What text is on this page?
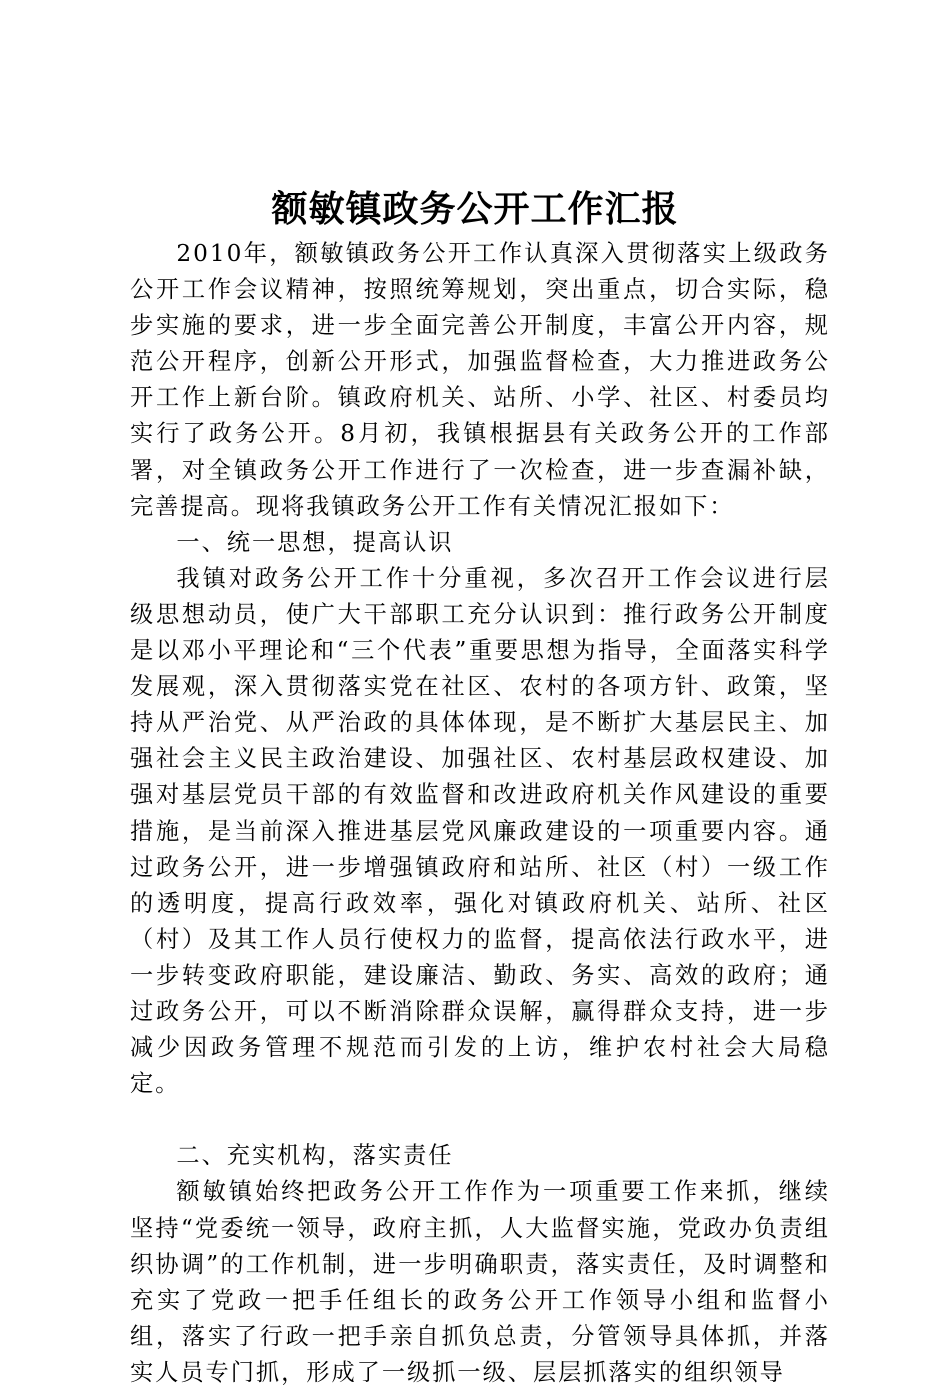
额敏镇政务公开工作汇报

2010年，额敏镇政务公开工作认真深入贯彻落实上级政务公开工作会议精神，按照统筹规划，突出重点，切合实际，稳步实施的要求，进一步全面完善公开制度，丰富公开内容，规范公开程序，创新公开形式，加强监督检查，大力推进政务公开工作上新台阶。镇政府机关、站所、小学、社区、村委员均实行了政务公开。8月初，我镇根据县有关政务公开的工作部署，对全镇政务公开工作进行了一次检查，进一步查漏补缺，完善提高。现将我镇政务公开工作有关情况汇报如下：

一、统一思想，提高认识

我镇对政务公开工作十分重视，多次召开工作会议进行层级思想动员，使广大干部职工充分认识到：推行政务公开制度是以邓小平理论和“三个代表”重要思想为指导，全面落实科学发展观，深入贯彻落实党在社区、农村的各项方针、政策，坚持从严治党、从严治政的具体体现，是不断扩大基层民主、加强社会主义民主政治建设、加强社区、农村基层政权建设、加强对基层党员干部的有效监督和改进政府机关作风建设的重要措施，是当前深入推进基层党风廉政建设的一项重要内容。通过政务公开，进一步增强镇政府和站所、社区（村）一级工作的透明度，提高行政效率，强化对镇政府机关、站所、社区（村）及其工作人员行使权力的监督，提高依法行政水平，进一步转变政府职能，建设廉洁、勤政、务实、高效的政府；通过政务公开，可以不断消除群众误解，赢得群众支持，进一步减少因政务管理不规范而引发的上访，维护农村社会大局稳定。

二、充实机构，落实责任

额敏镇始终把政务公开工作作为一项重要工作来抓，继续坚持“党委统一领导，政府主抓，人大监督实施，党政办负责组织协调”的工作机制，进一步明确职责，落实责任，及时调整和充实了党政一把手任组长的政务公开工作领导小组和监督小组，落实了行政一把手亲自抓负总责，分管领导具体抓，并落实人员专门抓，形成了一级抓一级、层层抓落实的组织领导
